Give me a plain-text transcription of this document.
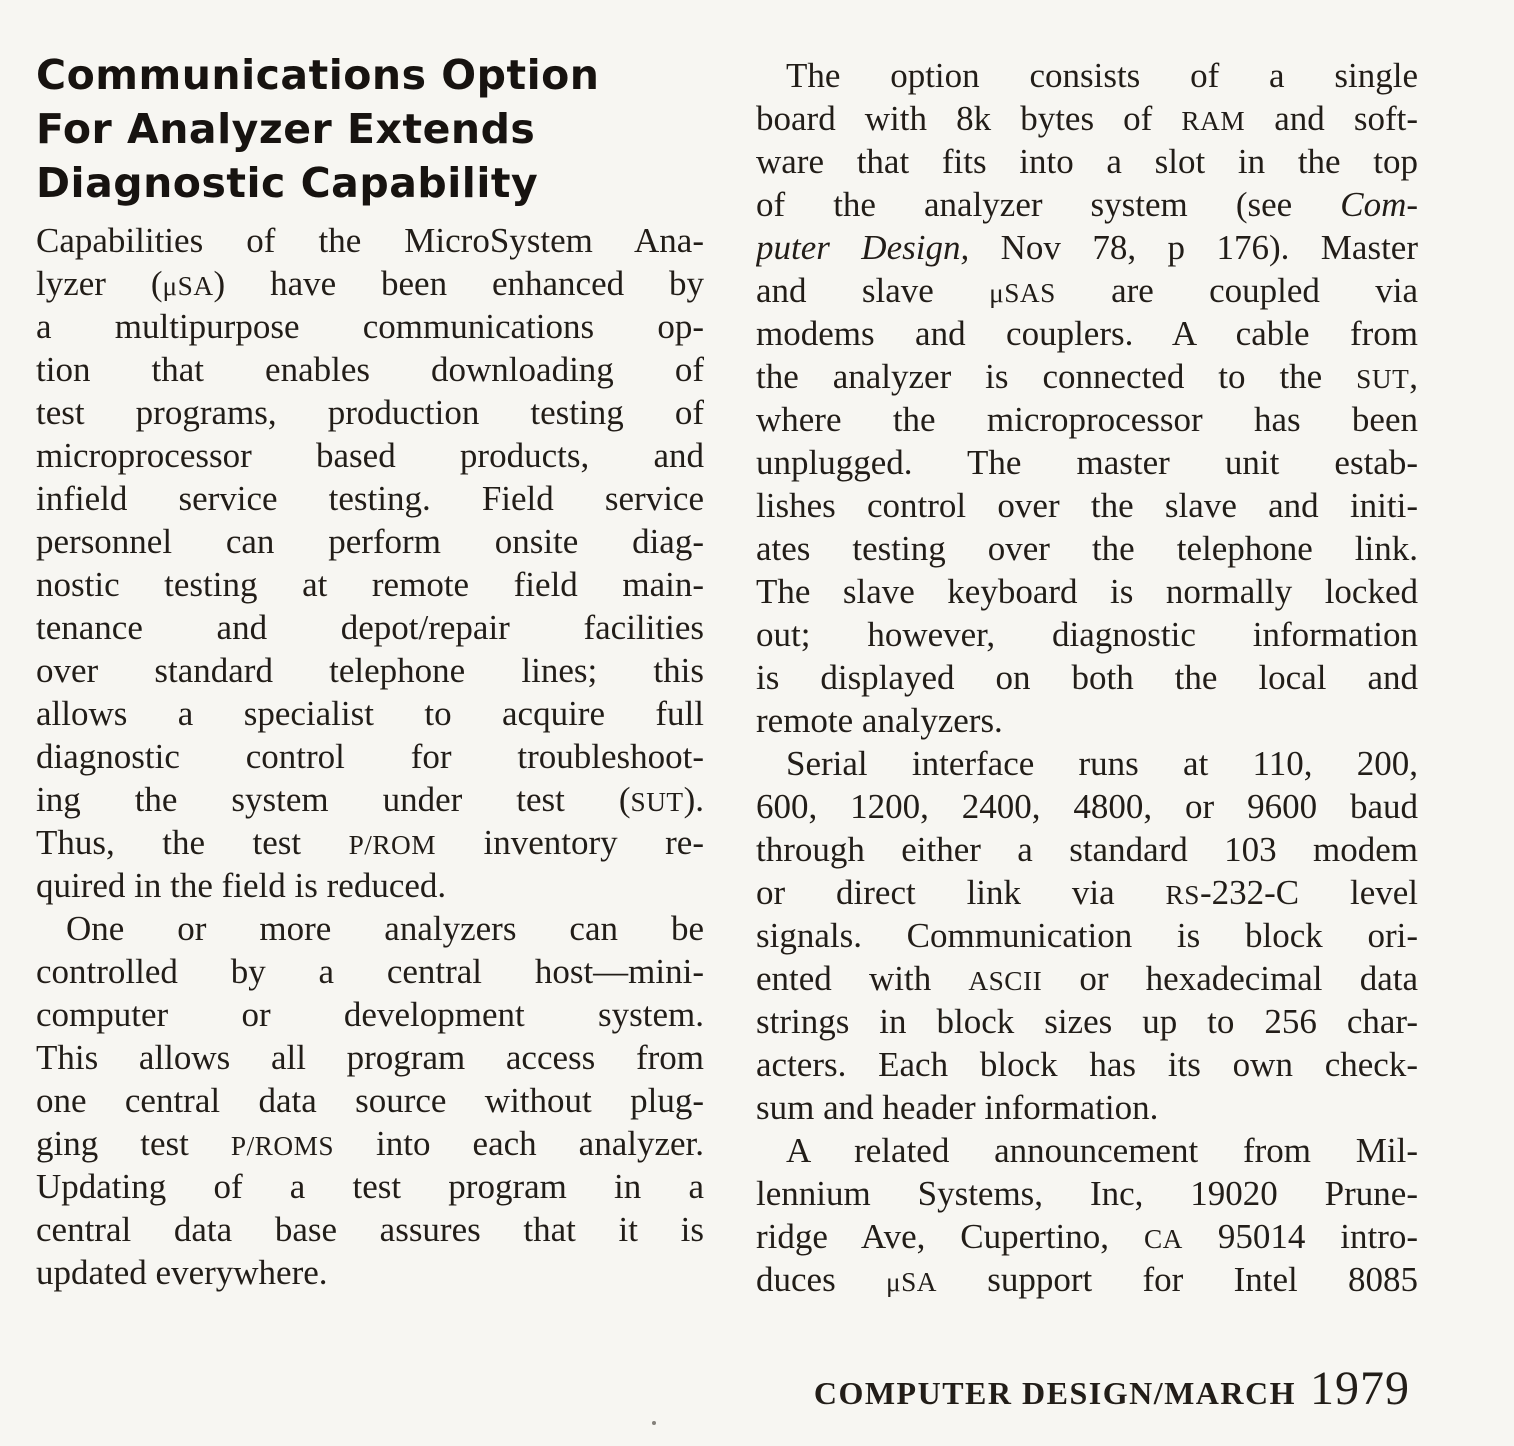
Communications Option
For Analyzer Extends
Diagnostic Capability
Capabilities of the MicroSystem Ana-
lyzer (μSA) have been enhanced by
a multipurpose communications op-
tion that enables downloading of
test programs, production testing of
microprocessor based products, and
infield service testing. Field service
personnel can perform onsite diag-
nostic testing at remote field main-
tenance and depot/repair facilities
over standard telephone lines; this
allows a specialist to acquire full
diagnostic control for troubleshoot-
ing the system under test (SUT).
Thus, the test P/ROM inventory re-
quired in the field is reduced.
One or more analyzers can be
controlled by a central host—mini-
computer or development system.
This allows all program access from
one central data source without plug-
ging test P/ROMS into each analyzer.
Updating of a test program in a
central data base assures that it is
updated everywhere.
The option consists of a single
board with 8k bytes of RAM and soft-
ware that fits into a slot in the top
of the analyzer system (see Com-
puter Design, Nov 78, p 176). Master
and slave μSAS are coupled via
modems and couplers. A cable from
the analyzer is connected to the SUT,
where the microprocessor has been
unplugged. The master unit estab-
lishes control over the slave and initi-
ates testing over the telephone link.
The slave keyboard is normally locked
out; however, diagnostic information
is displayed on both the local and
remote analyzers.
Serial interface runs at 110, 200,
600, 1200, 2400, 4800, or 9600 baud
through either a standard 103 modem
or direct link via RS-232-C level
signals. Communication is block ori-
ented with ASCII or hexadecimal data
strings in block sizes up to 256 char-
acters. Each block has its own check-
sum and header information.
A related announcement from Mil-
lennium Systems, Inc, 19020 Prune-
ridge Ave, Cupertino, CA 95014 intro-
duces μSA support for Intel 8085
COMPUTER DESIGN/MARCH 1979
